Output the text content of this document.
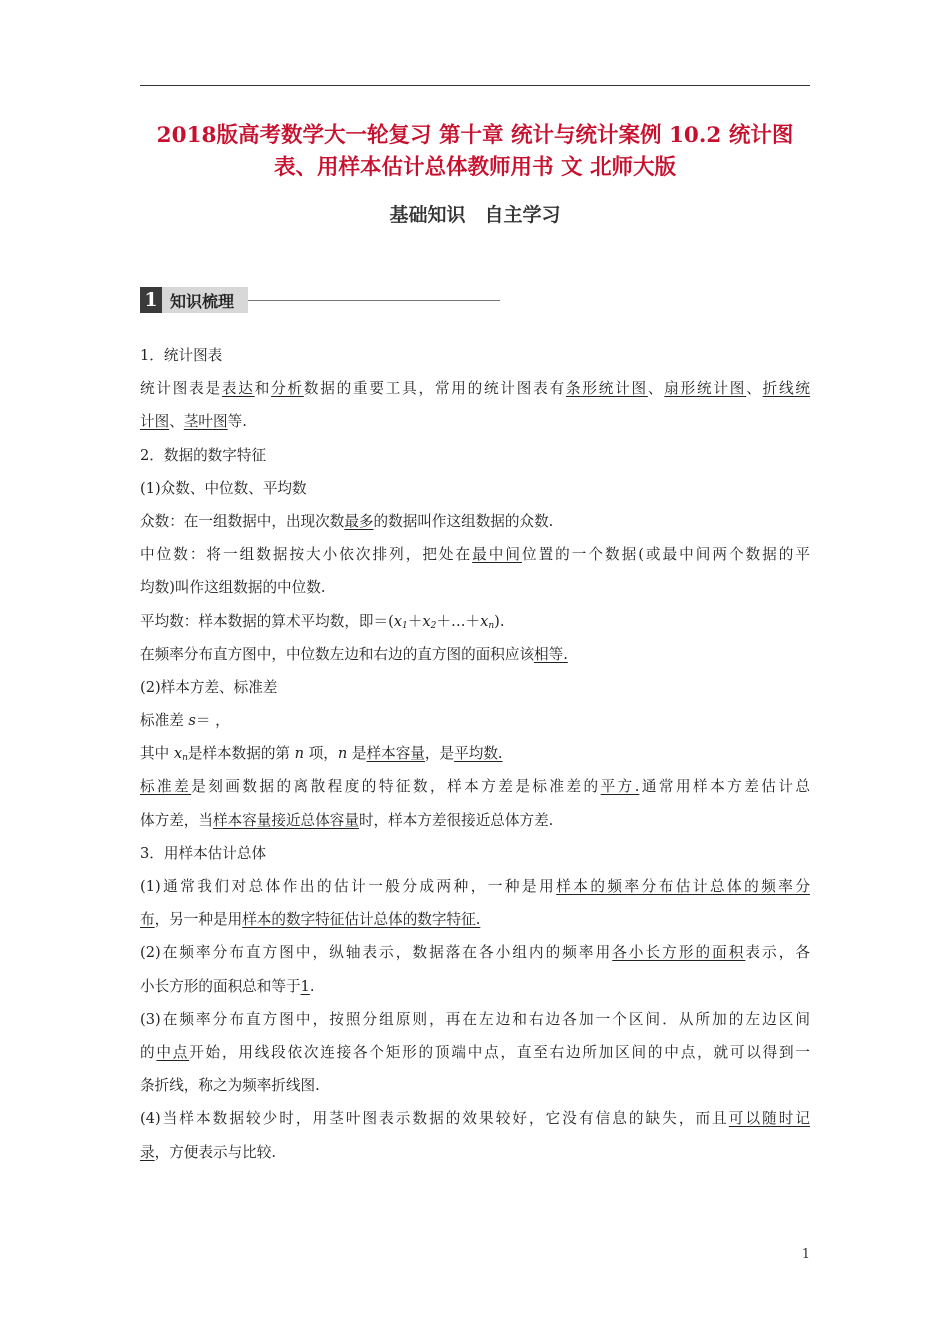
2018版高考数学大一轮复习 第十章 统计与统计案例 10.2 统计图表、用样本估计总体教师用书 文 北师大版
基础知识　自主学习
1 知识梳理

1．统计图表

统计图表是表达和分析数据的重要工具，常用的统计图表有条形统计图、扇形统计图、折线统

计图、茎叶图等.

2．数据的数字特征

(1)众数、中位数、平均数

众数：在一组数据中，出现次数最多的数据叫作这组数据的众数.

中位数：将一组数据按大小依次排列，把处在最中间位置的一个数据(或最中间两个数据的平

均数)叫作这组数据的中位数.

平均数：样本数据的算术平均数，即$=(x_1+x_2+\dots+x_n)$.

在频率分布直方图中，中位数左边和右边的直方图的面积应该相等.

(2)样本方差、标准差

标准差 s＝ ，

其中 $x_n$是样本数据的第 n 项，n 是样本容量，是平均数.

标准差是刻画数据的离散程度的特征数，样本方差是标准差的平方.通常用样本方差估计总

体方差，当样本容量接近总体容量时，样本方差很接近总体方差.

3．用样本估计总体

(1)通常我们对总体作出的估计一般分成两种，一种是用样本的频率分布估计总体的频率分

布，另一种是用样本的数字特征估计总体的数字特征.

(2)在频率分布直方图中，纵轴表示，数据落在各小组内的频率用各小长方形的面积表示，各

小长方形的面积总和等于1.

(3)在频率分布直方图中，按照分组原则，再在左边和右边各加一个区间．从所加的左边区间

的中点开始，用线段依次连接各个矩形的顶端中点，直至右边所加区间的中点，就可以得到一

条折线，称之为频率折线图.

(4)当样本数据较少时，用茎叶图表示数据的效果较好，它没有信息的缺失，而且可以随时记

录，方便表示与比较.

1
